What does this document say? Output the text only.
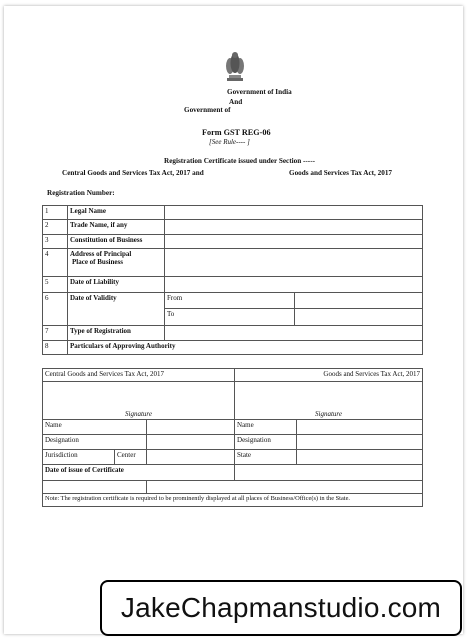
Government of India
And
Government of
Form GST REG-06
[See Rule---- ]
Registration Certificate issued under Section -----
Central Goods and Services Tax Act, 2017 and	Goods and Services Tax Act, 2017
Registration Number:
1	Legal Name		
2	Trade Name, if any		
3	Constitution of Business		
4	Address of Principal
Place of Business		

5	Date of Liability		
6	Date of Validity	From	
		To	
7	Type of Registration		
8	Particulars of Approving Authority		
Central Goods and Services Tax Act, 2017			Goods and Services Tax Act, 2017	
Signature			Signature	
Name			Name	
Designation			Designation	
Jurisdiction	Center		State	
Date of issue of Certificate				

Note: The registration certificate is required to be prominently displayed at all places of Business/Office(s) in the State.				
JakeChapmanstudio.com
